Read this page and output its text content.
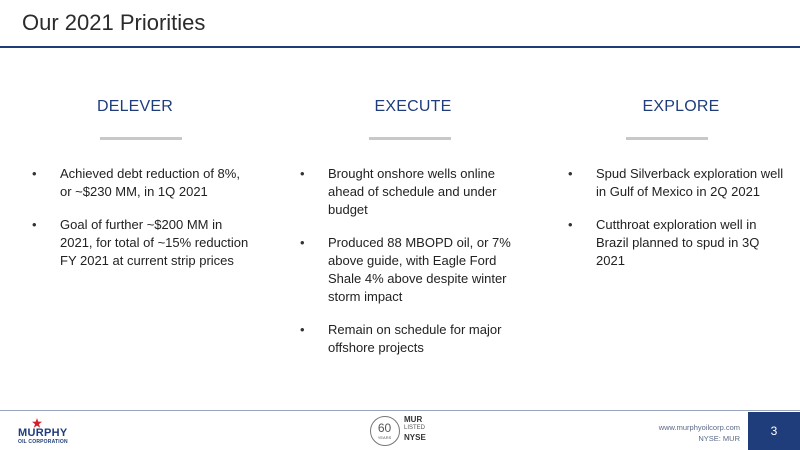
Our 2021 Priorities
DELEVER
• Achieved debt reduction of 8%, or ~$230 MM, in 1Q 2021
• Goal of further ~$200 MM in 2021, for total of ~15% reduction FY 2021 at current strip prices
EXECUTE
• Brought onshore wells online ahead of schedule and under budget
• Produced 88 MBOPD oil, or 7% above guide, with Eagle Ford Shale 4% above despite winter storm impact
• Remain on schedule for major offshore projects
EXPLORE
• Spud Silverback exploration well in Gulf of Mexico in 2Q 2021
• Cutthroat exploration well in Brazil planned to spud in 3Q 2021
MURPHY
OIL CORPORATION
60
YEARS
MUR
LISTED
NYSE
www.murphyoilcorp.com
NYSE: MUR
3
